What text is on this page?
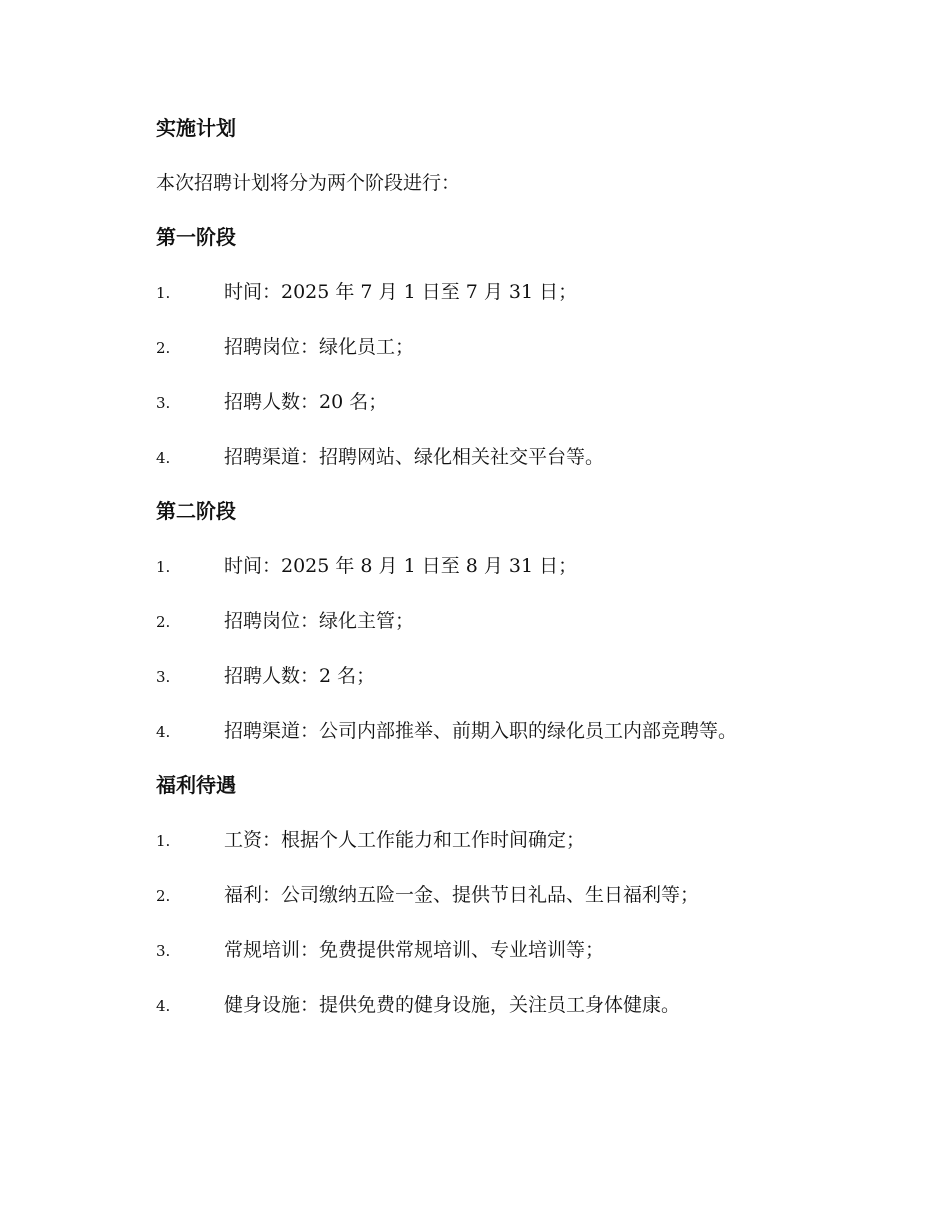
实施计划
本次招聘计划将分为两个阶段进行：
第一阶段
1.	时间：2025 年 7 月 1 日至 7 月 31 日；
2.	招聘岗位：绿化员工；
3.	招聘人数：20 名；
4.	招聘渠道：招聘网站、绿化相关社交平台等。
第二阶段
1.	时间：2025 年 8 月 1 日至 8 月 31 日；
2.	招聘岗位：绿化主管；
3.	招聘人数：2 名；
4.	招聘渠道：公司内部推举、前期入职的绿化员工内部竞聘等。
福利待遇
1.	工资：根据个人工作能力和工作时间确定；
2.	福利：公司缴纳五险一金、提供节日礼品、生日福利等；
3.	常规培训：免费提供常规培训、专业培训等；
4.	健身设施：提供免费的健身设施，关注员工身体健康。
